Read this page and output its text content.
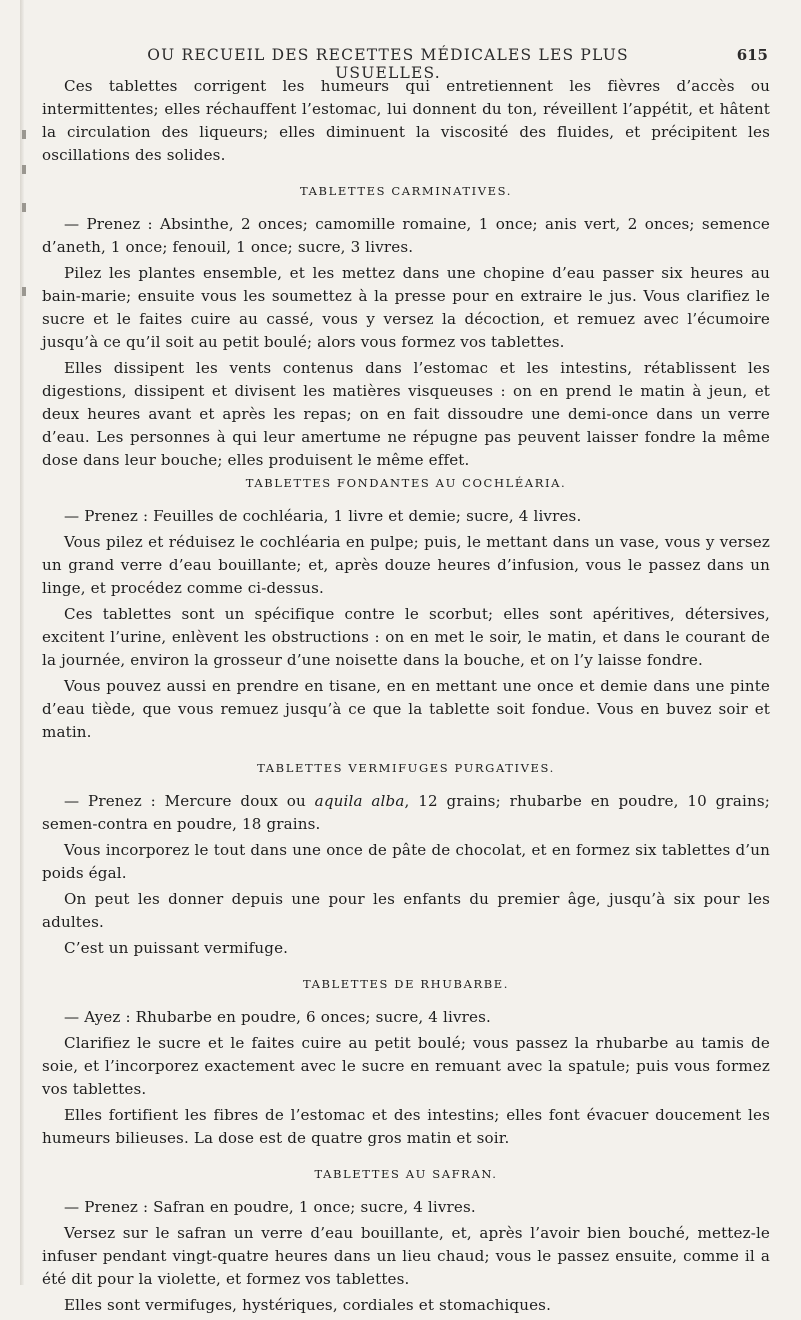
OU RECUEIL DES RECETTES MÉDICALES LES PLUS USUELLES.
615

Ces tablettes corrigent les humeurs qui entretiennent les fièvres d’accès ou intermittentes; elles réchauffent l’estomac, lui donnent du ton, réveillent l’appétit, et hâtent la circulation des liqueurs; elles diminuent la viscosité des fluides, et précipitent les oscillations des solides.

TABLETTES CARMINATIVES.

— Prenez : Absinthe, 2 onces; camomille romaine, 1 once; anis vert, 2 onces; semence d’aneth, 1 once; fenouil, 1 once; sucre, 3 livres.

Pilez les plantes ensemble, et les mettez dans une chopine d’eau passer six heures au bain-marie; ensuite vous les soumettez à la presse pour en extraire le jus. Vous clarifiez le sucre et le faites cuire au cassé, vous y versez la décoction, et remuez avec l’écumoire jusqu’à ce qu’il soit au petit boulé; alors vous formez vos tablettes.

Elles dissipent les vents contenus dans l’estomac et les intestins, rétablissent les digestions, dissipent et divisent les matières visqueuses : on en prend le matin à jeun, et deux heures avant et après les repas; on en fait dissoudre une demi-once dans un verre d’eau. Les personnes à qui leur amertume ne répugne pas peuvent laisser fondre la même dose dans leur bouche; elles produisent le même effet.

TABLETTES FONDANTES AU COCHLÉARIA.

— Prenez : Feuilles de cochléaria, 1 livre et demie; sucre, 4 livres.

Vous pilez et réduisez le cochléaria en pulpe; puis, le mettant dans un vase, vous y versez un grand verre d’eau bouillante; et, après douze heures d’infusion, vous le passez dans un linge, et procédez comme ci-dessus.

Ces tablettes sont un spécifique contre le scorbut; elles sont apéritives, détersives, excitent l’urine, enlèvent les obstructions : on en met le soir, le matin, et dans le courant de la journée, environ la grosseur d’une noisette dans la bouche, et on l’y laisse fondre.

Vous pouvez aussi en prendre en tisane, en en mettant une once et demie dans une pinte d’eau tiède, que vous remuez jusqu’à ce que la tablette soit fondue. Vous en buvez soir et matin.

TABLETTES VERMIFUGES PURGATIVES.

— Prenez : Mercure doux ou aquila alba, 12 grains; rhubarbe en poudre, 10 grains; semen-contra en poudre, 18 grains.

Vous incorporez le tout dans une once de pâte de chocolat, et en formez six tablettes d’un poids égal.

On peut les donner depuis une pour les enfants du premier âge, jusqu’à six pour les adultes.

C’est un puissant vermifuge.

TABLETTES DE RHUBARBE.

— Ayez : Rhubarbe en poudre, 6 onces; sucre, 4 livres.

Clarifiez le sucre et le faites cuire au petit boulé; vous passez la rhubarbe au tamis de soie, et l’incorporez exactement avec le sucre en remuant avec la spatule; puis vous formez vos tablettes.

Elles fortifient les fibres de l’estomac et des intestins; elles font évacuer doucement les humeurs bilieuses. La dose est de quatre gros matin et soir.

TABLETTES AU SAFRAN.

— Prenez : Safran en poudre, 1 once; sucre, 4 livres.

Versez sur le safran un verre d’eau bouillante, et, après l’avoir bien bouché, mettez-le infuser pendant vingt-quatre heures dans un lieu chaud; vous le passez ensuite, comme il a été dit pour la violette, et formez vos tablettes.

Elles sont vermifuges, hystériques, cordiales et stomachiques.
